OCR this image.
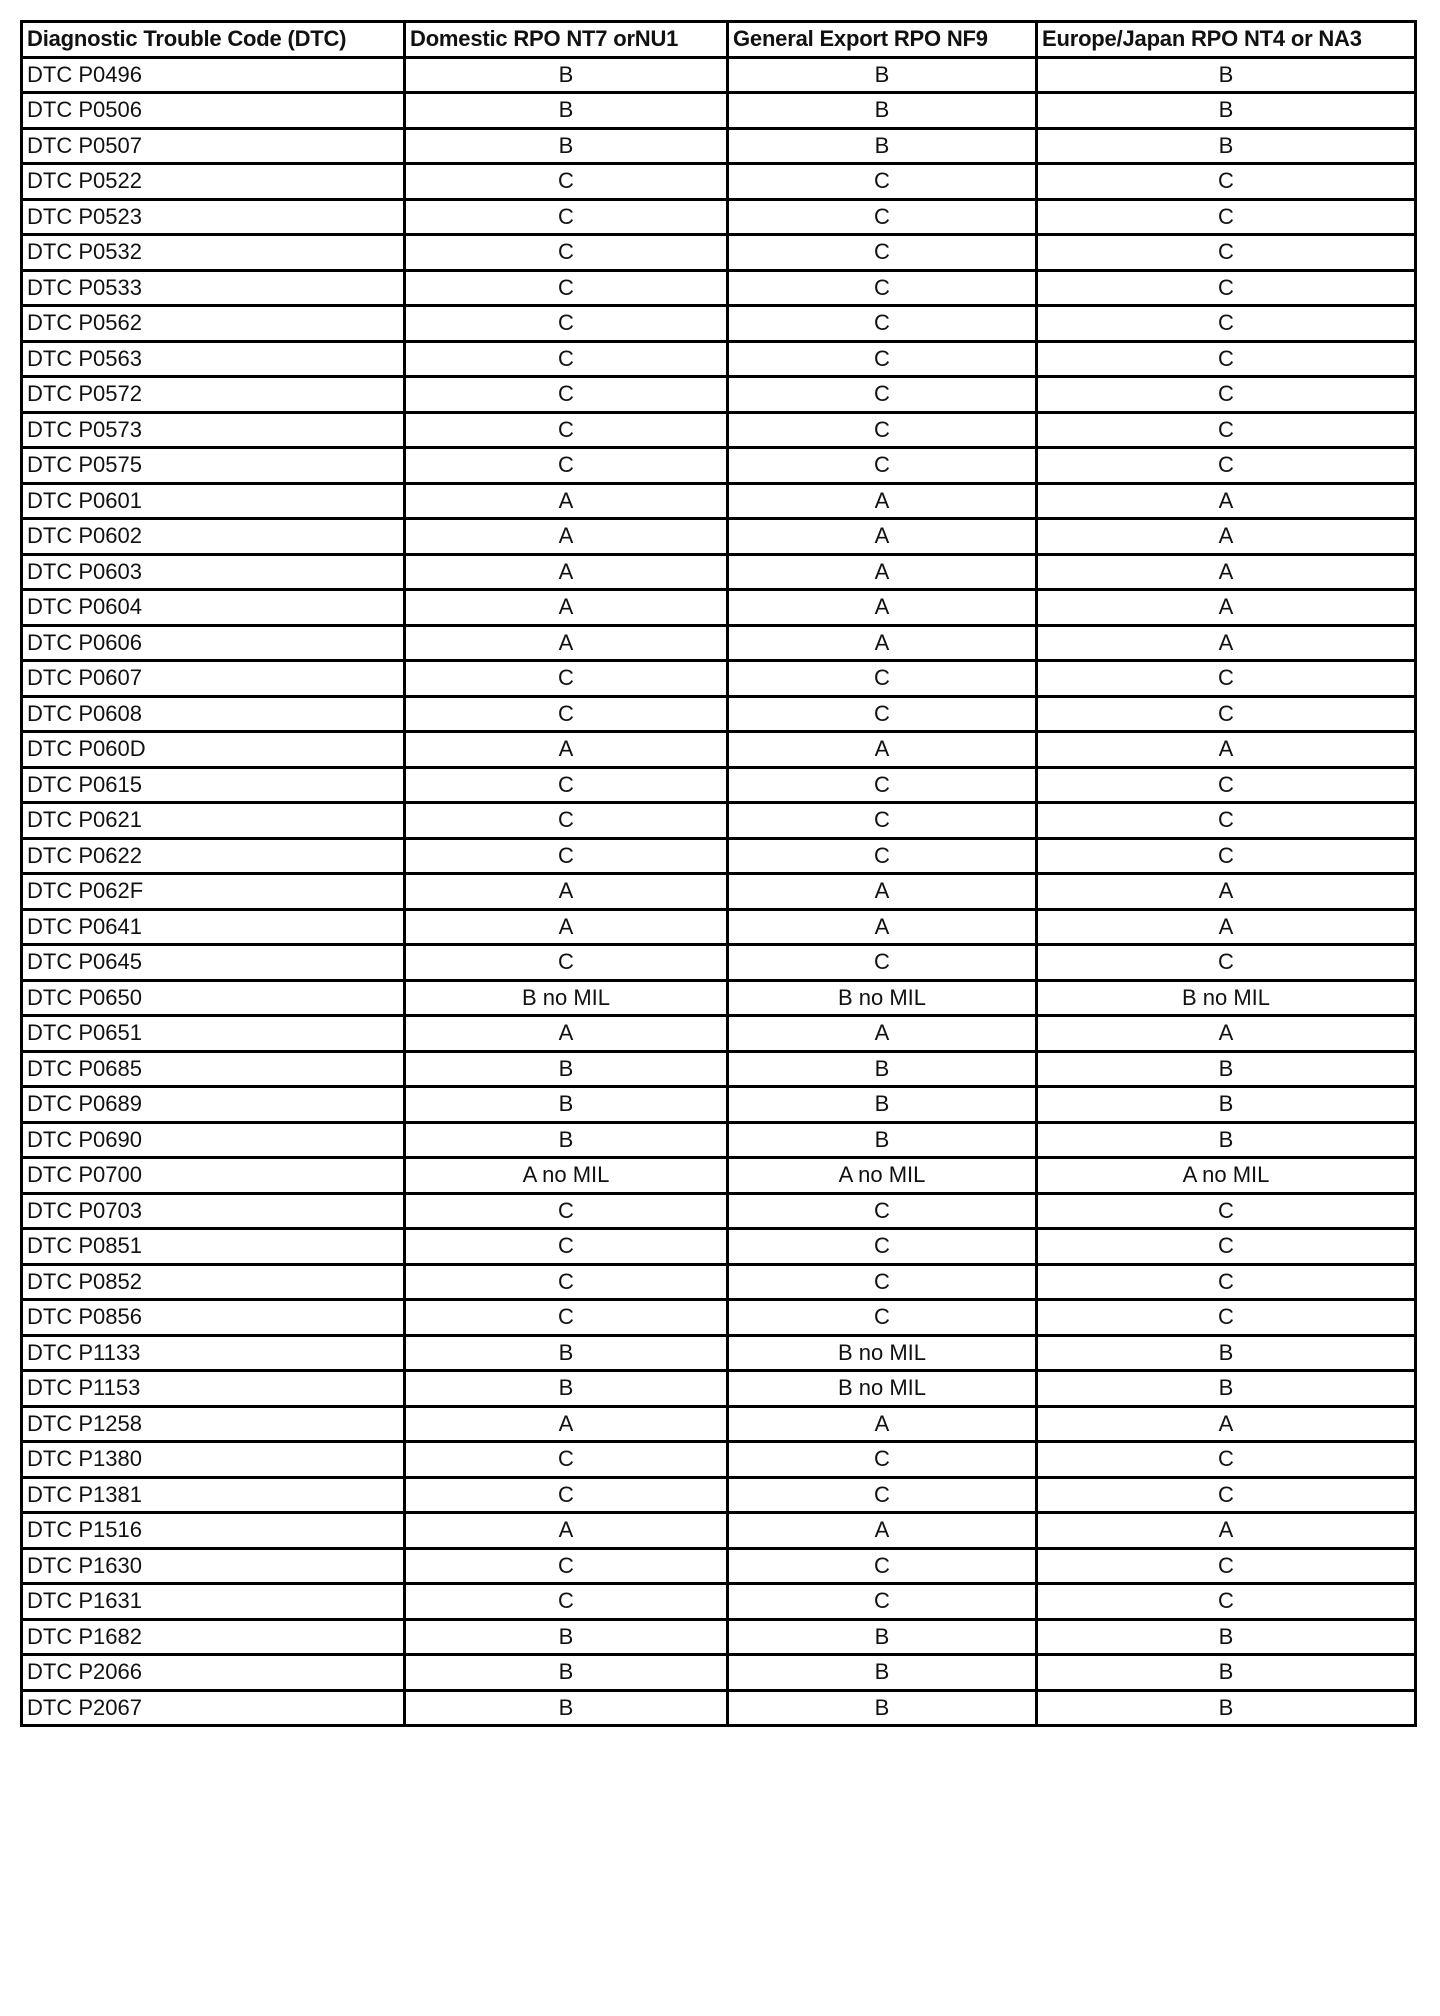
Diagnostic Trouble Code (DTC)	Domestic RPO NT7 orNU1	General Export RPO NF9	Europe/Japan RPO NT4 or NA3
DTC P0496	B	B	B
DTC P0506	B	B	B
DTC P0507	B	B	B
DTC P0522	C	C	C
DTC P0523	C	C	C
DTC P0532	C	C	C
DTC P0533	C	C	C
DTC P0562	C	C	C
DTC P0563	C	C	C
DTC P0572	C	C	C
DTC P0573	C	C	C
DTC P0575	C	C	C
DTC P0601	A	A	A
DTC P0602	A	A	A
DTC P0603	A	A	A
DTC P0604	A	A	A
DTC P0606	A	A	A
DTC P0607	C	C	C
DTC P0608	C	C	C
DTC P060D	A	A	A
DTC P0615	C	C	C
DTC P0621	C	C	C
DTC P0622	C	C	C
DTC P062F	A	A	A
DTC P0641	A	A	A
DTC P0645	C	C	C
DTC P0650	B no MIL	B no MIL	B no MIL
DTC P0651	A	A	A
DTC P0685	B	B	B
DTC P0689	B	B	B
DTC P0690	B	B	B
DTC P0700	A no MIL	A no MIL	A no MIL
DTC P0703	C	C	C
DTC P0851	C	C	C
DTC P0852	C	C	C
DTC P0856	C	C	C
DTC P1133	B	B no MIL	B
DTC P1153	B	B no MIL	B
DTC P1258	A	A	A
DTC P1380	C	C	C
DTC P1381	C	C	C
DTC P1516	A	A	A
DTC P1630	C	C	C
DTC P1631	C	C	C
DTC P1682	B	B	B
DTC P2066	B	B	B
DTC P2067	B	B	B
